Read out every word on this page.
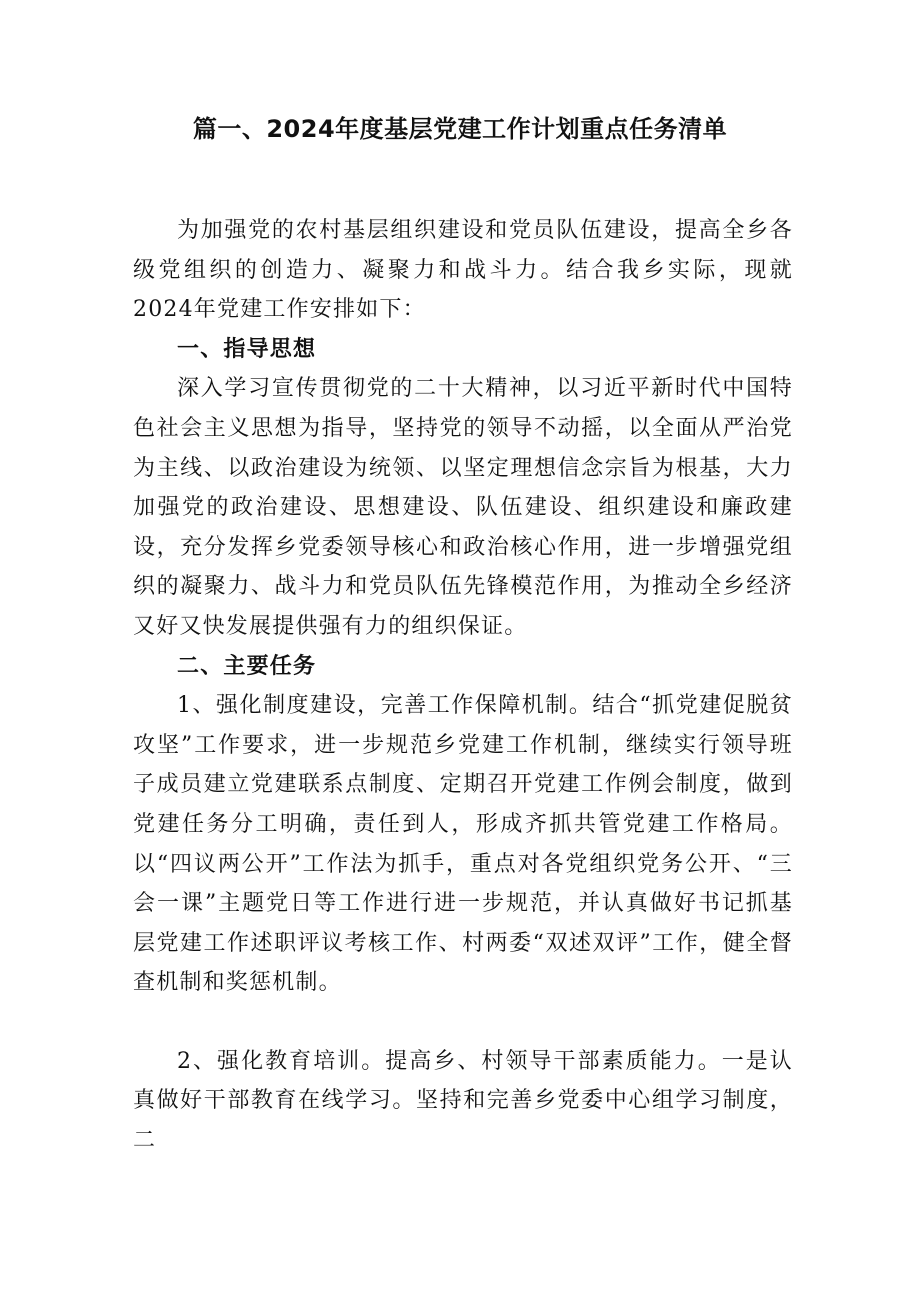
篇一、2024年度基层党建工作计划重点任务清单

为加强党的农村基层组织建设和党员队伍建设，提高全乡各级党组织的创造力、凝聚力和战斗力。结合我乡实际，现就2024年党建工作安排如下：

一、指导思想

深入学习宣传贯彻党的二十大精神，以习近平新时代中国特色社会主义思想为指导，坚持党的领导不动摇，以全面从严治党为主线、以政治建设为统领、以坚定理想信念宗旨为根基，大力加强党的政治建设、思想建设、队伍建设、组织建设和廉政建设，充分发挥乡党委领导核心和政治核心作用，进一步增强党组织的凝聚力、战斗力和党员队伍先锋模范作用，为推动全乡经济又好又快发展提供强有力的组织保证。

二、主要任务

1、强化制度建设，完善工作保障机制。结合“抓党建促脱贫攻坚”工作要求，进一步规范乡党建工作机制，继续实行领导班子成员建立党建联系点制度、定期召开党建工作例会制度，做到党建任务分工明确，责任到人，形成齐抓共管党建工作格局。以“四议两公开”工作法为抓手，重点对各党组织党务公开、“三会一课”主题党日等工作进行进一步规范，并认真做好书记抓基层党建工作述职评议考核工作、村两委“双述双评”工作，健全督查机制和奖惩机制。

2、强化教育培训。提高乡、村领导干部素质能力。一是认真做好干部教育在线学习。坚持和完善乡党委中心组学习制度，二
